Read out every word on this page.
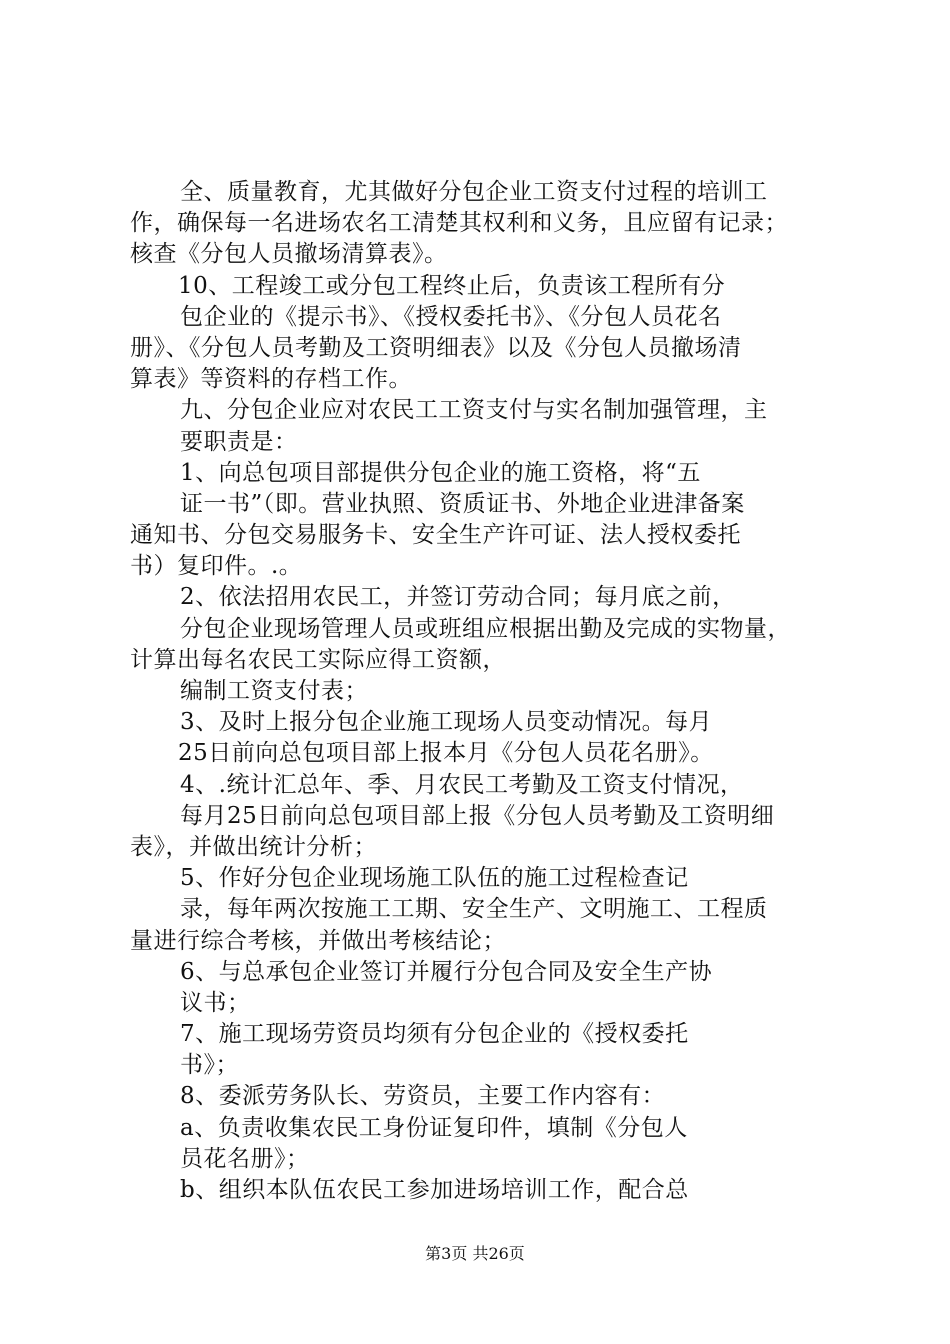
全、质量教育，尤其做好分包企业工资支付过程的培训工
作，确保每一名进场农名工清楚其权利和义务，且应留有记录；
核查《分包人员撤场清算表》。
10、工程竣工或分包工程终止后，负责该工程所有分
包企业的《提示书》、《授权委托书》、《分包人员花名
册》、《分包人员考勤及工资明细表》以及《分包人员撤场清
算表》等资料的存档工作。
九、分包企业应对农民工工资支付与实名制加强管理，主
要职责是：
1、向总包项目部提供分包企业的施工资格，将“五
证一书”（即。营业执照、资质证书、外地企业进津备案
通知书、分包交易服务卡、安全生产许可证、法人授权委托
书）复印件。.。
2、依法招用农民工，并签订劳动合同；每月底之前，
分包企业现场管理人员或班组应根据出勤及完成的实物量，
计算出每名农民工实际应得工资额，
编制工资支付表；
3、及时上报分包企业施工现场人员变动情况。每月
25日前向总包项目部上报本月《分包人员花名册》。
4、.统计汇总年、季、月农民工考勤及工资支付情况，
每月25日前向总包项目部上报《分包人员考勤及工资明细
表》，并做出统计分析；
5、作好分包企业现场施工队伍的施工过程检查记
录，每年两次按施工工期、安全生产、文明施工、工程质
量进行综合考核，并做出考核结论；
6、与总承包企业签订并履行分包合同及安全生产协
议书；
7、施工现场劳资员均须有分包企业的《授权委托
书》；
8、委派劳务队长、劳资员，主要工作内容有：
a、负责收集农民工身份证复印件，填制《分包人
员花名册》；
b、组织本队伍农民工参加进场培训工作，配合总
第3页 共26页
